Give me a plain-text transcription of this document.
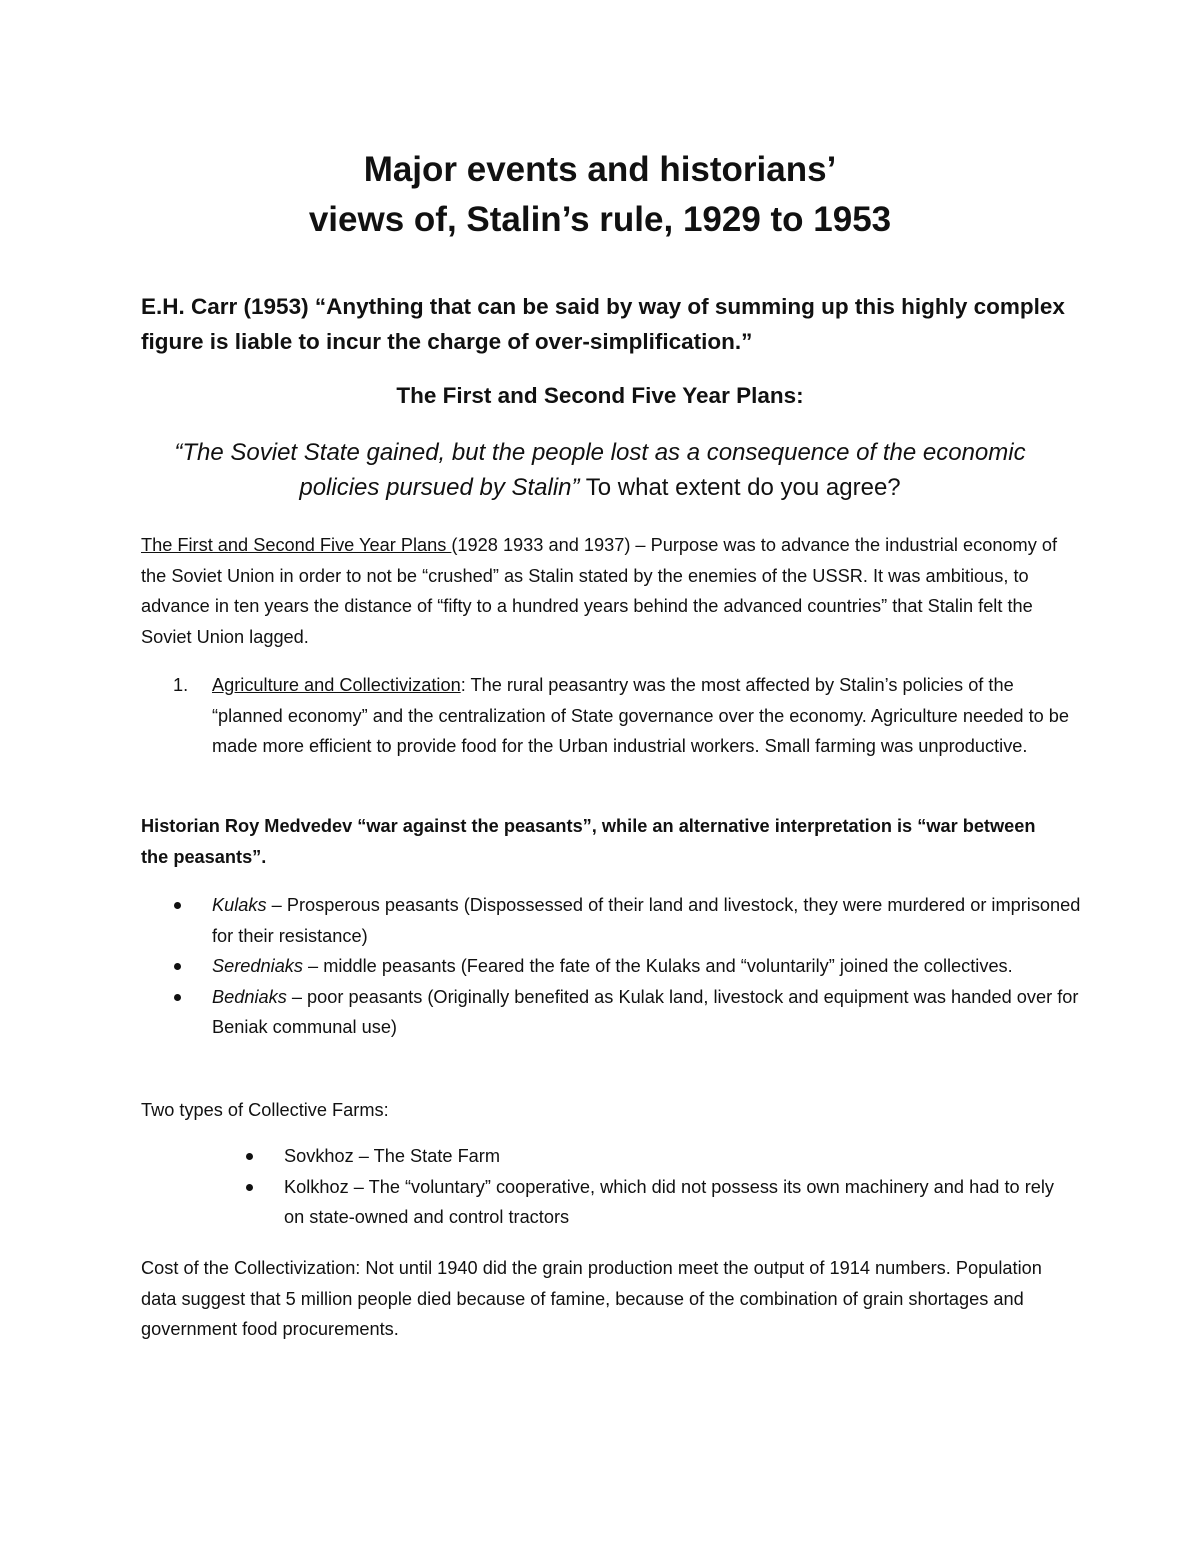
Major events and historians’
views of, Stalin’s rule, 1929 to 1953
E.H. Carr (1953) “Anything that can be said by way of summing up this highly complex figure is liable to incur the charge of over-simplification.”
The First and Second Five Year Plans:
“The Soviet State gained, but the people lost as a consequence of the economic
policies pursued by Stalin” To what extent do you agree?
The First and Second Five Year Plans (1928 1933 and 1937) – Purpose was to advance the industrial economy of the Soviet Union in order to not be “crushed” as Stalin stated by the enemies of the USSR. It was ambitious, to advance in ten years the distance of “fifty to a hundred years behind the advanced countries” that Stalin felt the Soviet Union lagged.
1. Agriculture and Collectivization: The rural peasantry was the most affected by Stalin’s policies of the “planned economy” and the centralization of State governance over the economy. Agriculture needed to be made more efficient to provide food for the Urban industrial workers. Small farming was unproductive.
Historian Roy Medvedev “war against the peasants”, while an alternative interpretation is “war between the peasants”.
Kulaks – Prosperous peasants (Dispossessed of their land and livestock, they were murdered or imprisoned for their resistance)
Serednіaks – middle peasants (Feared the fate of the Kulaks and “voluntarily” joined the collectives.
Bedniaks – poor peasants (Originally benefited as Kulak land, livestock and equipment was handed over for Beniak communal use)
Two types of Collective Farms:
Sovkhoz – The State Farm
Kolkhoz – The “voluntary” cooperative, which did not possess its own machinery and had to rely on state-owned and control tractors
Cost of the Collectivization: Not until 1940 did the grain production meet the output of 1914 numbers. Population data suggest that 5 million people died because of famine, because of the combination of grain shortages and government food procurements.
